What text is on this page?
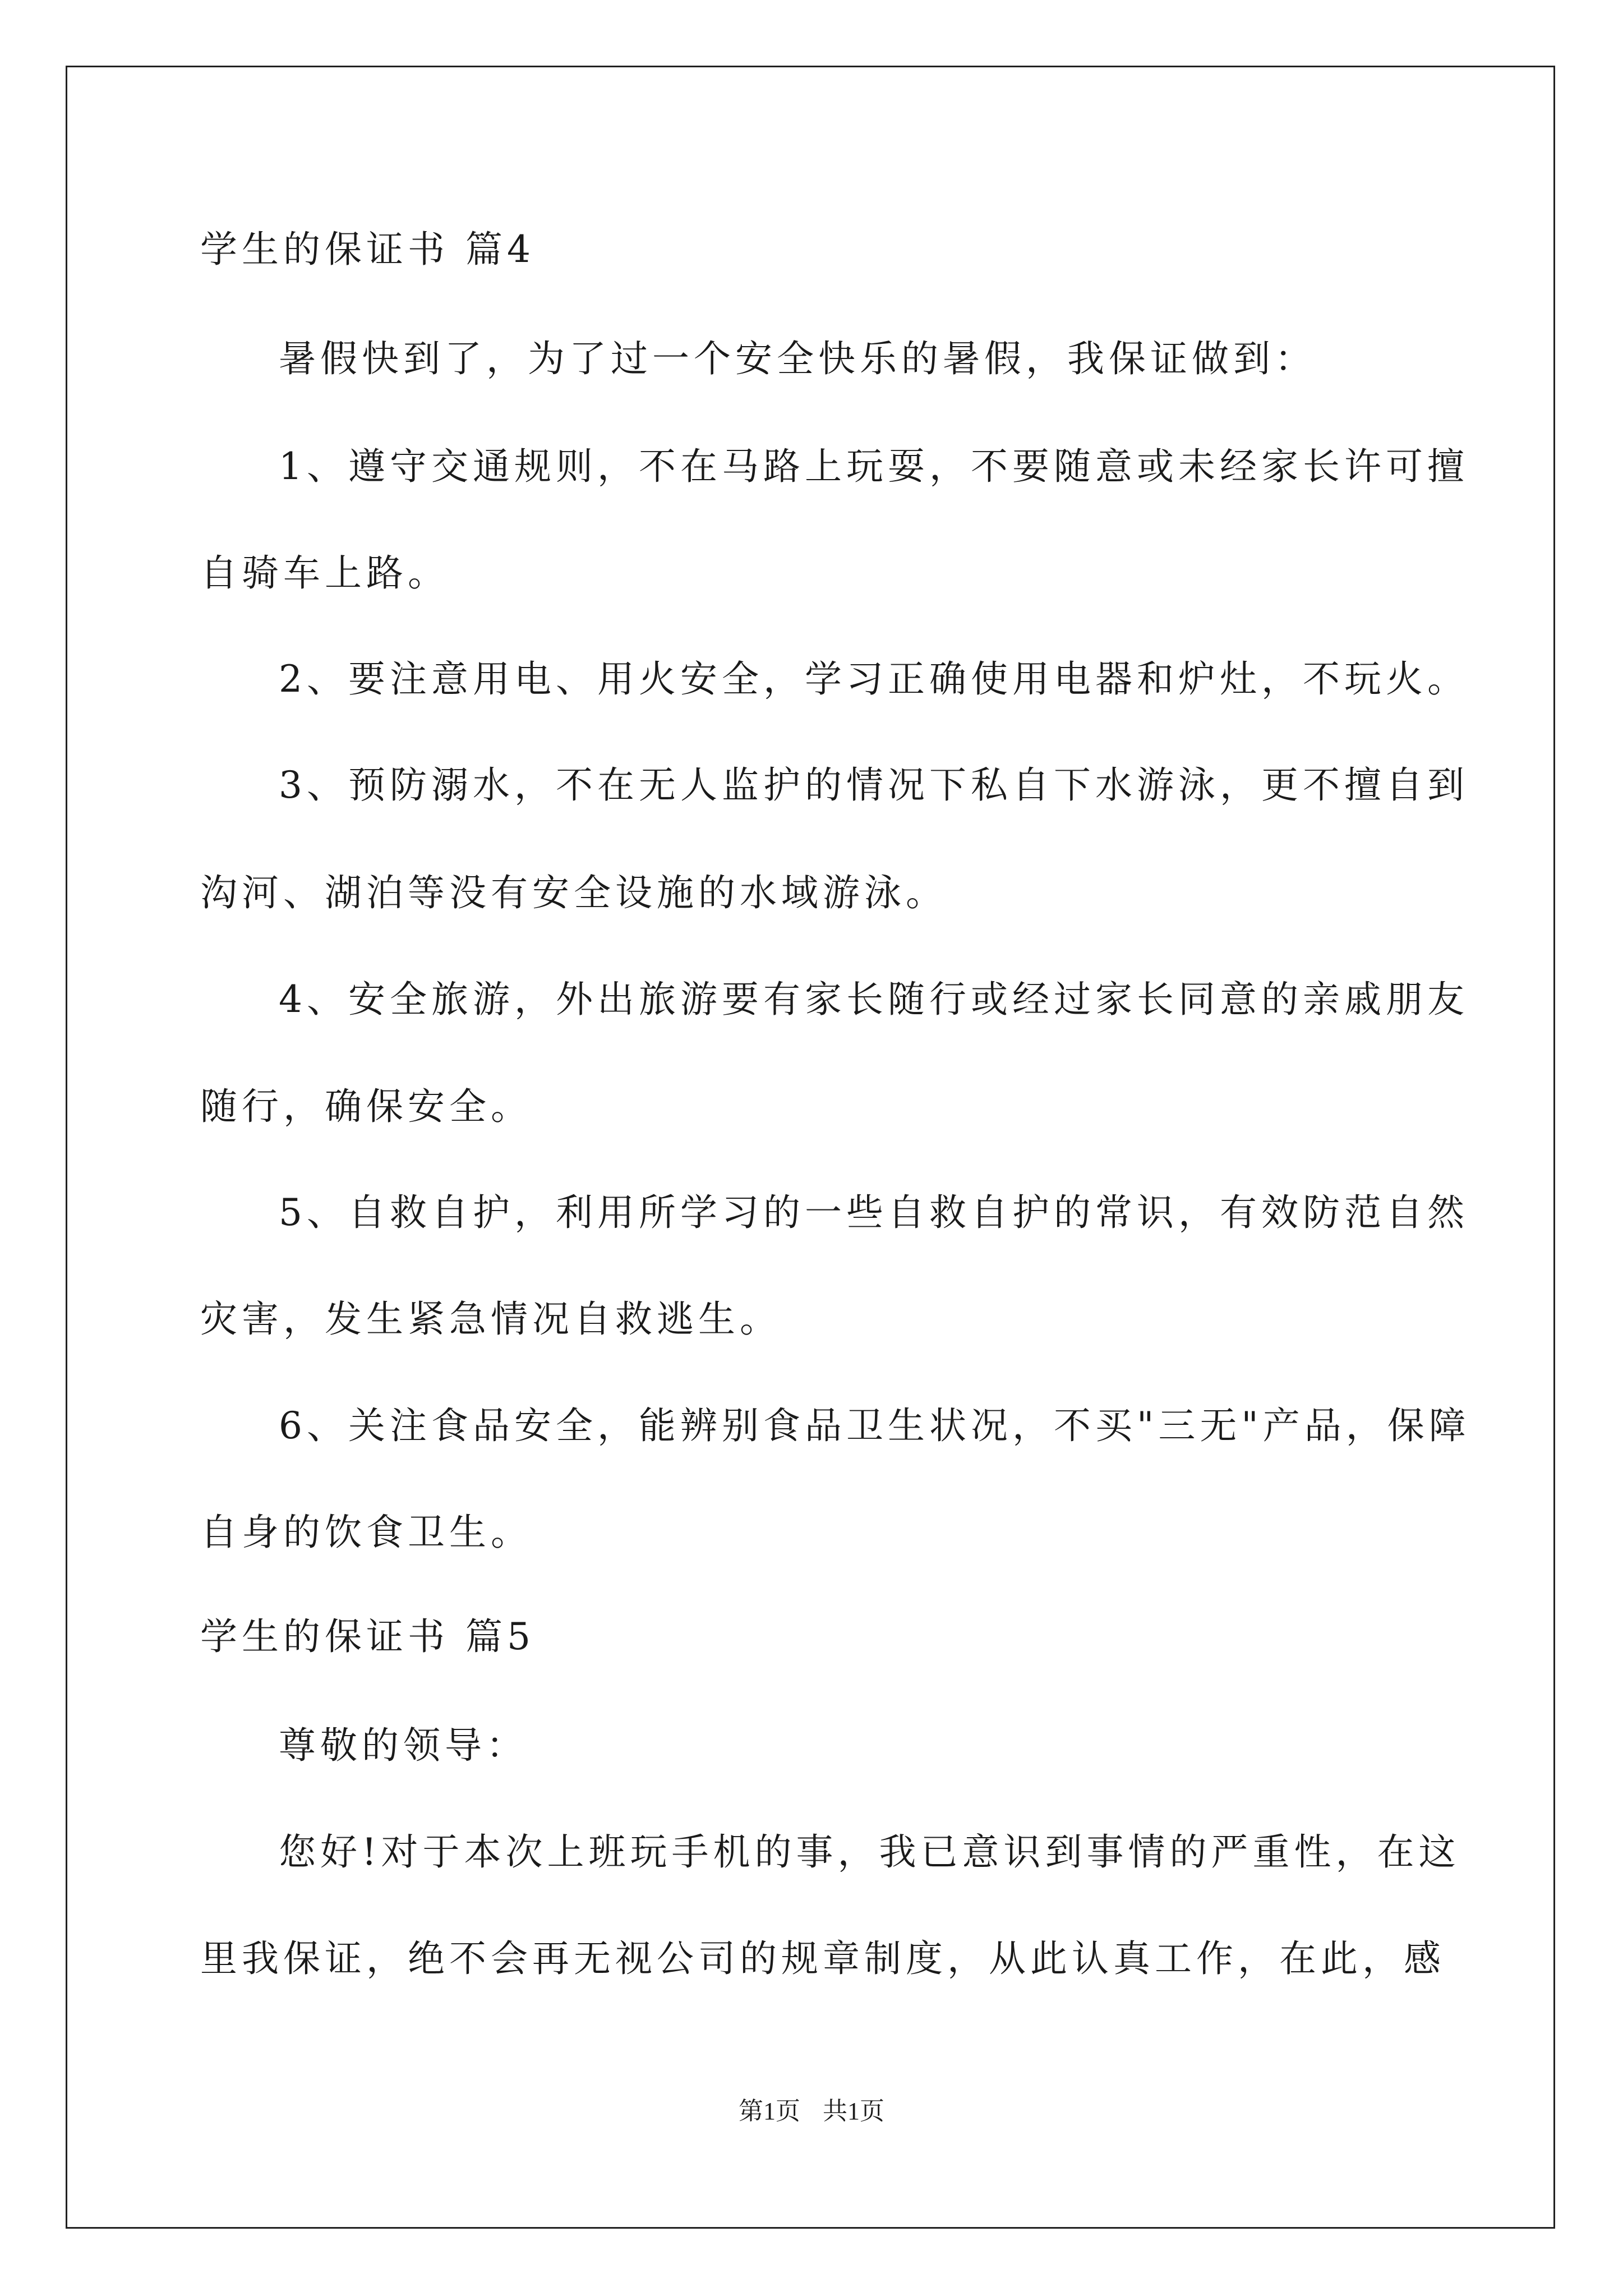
学生的保证书 篇4
暑假快到了，为了过一个安全快乐的暑假，我保证做到：
1、遵守交通规则，不在马路上玩耍，不要随意或未经家长许可擅
自骑车上路。
2、要注意用电、用火安全，学习正确使用电器和炉灶，不玩火。
3、预防溺水，不在无人监护的情况下私自下水游泳，更不擅自到
沟河、湖泊等没有安全设施的水域游泳。
4、安全旅游，外出旅游要有家长随行或经过家长同意的亲戚朋友
随行，确保安全。
5、自救自护，利用所学习的一些自救自护的常识，有效防范自然
灾害，发生紧急情况自救逃生。
6、关注食品安全，能辨别食品卫生状况，不买"三无"产品，保障
自身的饮食卫生。
学生的保证书 篇5
尊敬的领导：
您好!对于本次上班玩手机的事，我已意识到事情的严重性，在这
里我保证，绝不会再无视公司的规章制度，从此认真工作，在此，感
第1页 共1页
